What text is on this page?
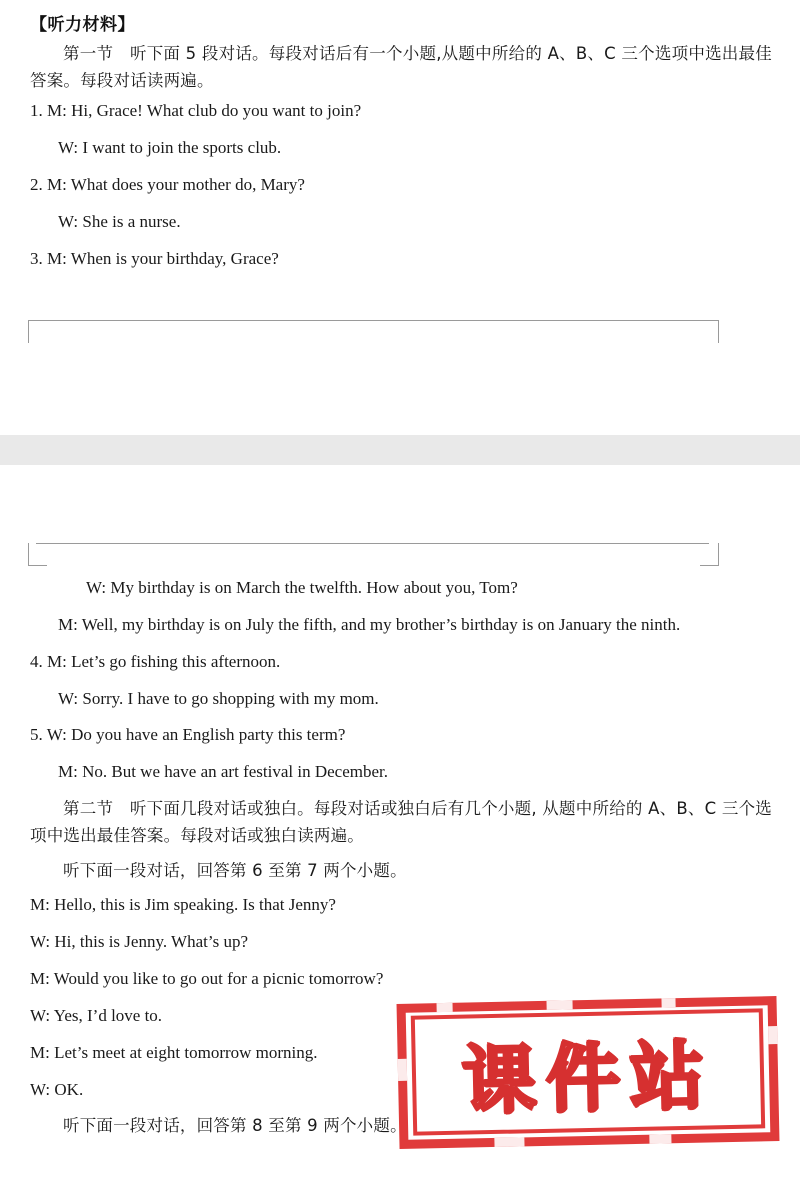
【听力材料】

第一节　听下面 5 段对话。每段对话后有一个小题,从题中所给的 A、B、C 三个选项中选出最佳答案。每段对话读两遍。

1. M: Hi, Grace! What club do you want to join?

W: I want to join the sports club.

2. M: What does your mother do, Mary?

W: She is a nurse.

3. M: When is your birthday, Grace?

W: My birthday is on March the twelfth. How about you, Tom?

M: Well, my birthday is on July the fifth, and my brother’s birthday is on January the ninth.

4. M: Let’s go fishing this afternoon.

W: Sorry. I have to go shopping with my mom.

5. W: Do you have an English party this term?

M: No. But we have an art festival in December.

第二节　听下面几段对话或独白。每段对话或独白后有几个小题, 从题中所给的 A、B、C 三个选项中选出最佳答案。每段对话或独白读两遍。

听下面一段对话，回答第 6 至第 7 两个小题。

M: Hello, this is Jim speaking. Is that Jenny?

W: Hi, this is Jenny. What’s up?

M: Would you like to go out for a picnic tomorrow?

W: Yes, I’d love to.

M: Let’s meet at eight tomorrow morning.

W: OK.

听下面一段对话，回答第 8 至第 9 两个小题。

课件站
